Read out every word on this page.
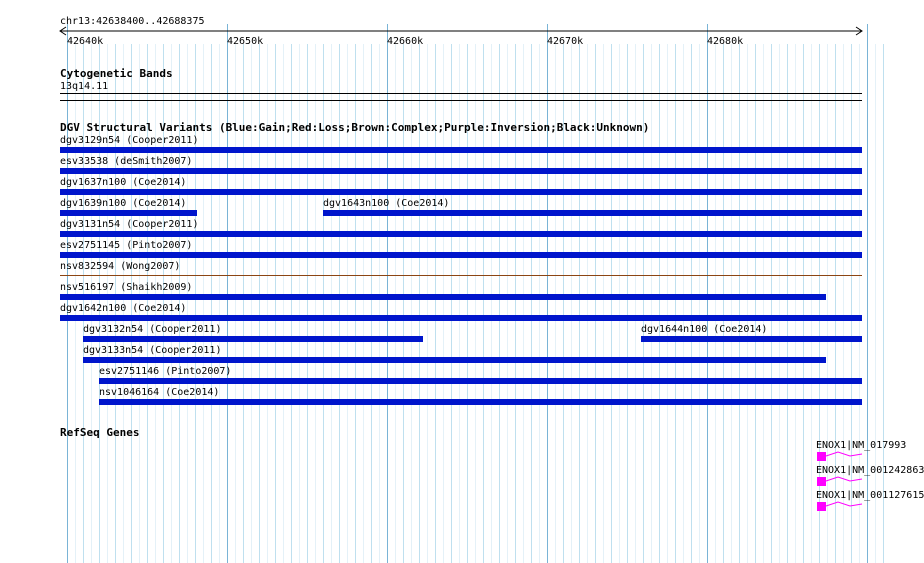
chr13:42638400..42688375
42640k	42650k	42660k	42670k	42680k
Cytogenetic Bands
13q14.11
DGV Structural Variants (Blue:Gain;Red:Loss;Brown:Complex;Purple:Inversion;Black:Unknown)
dgv3129n54 (Cooper2011)
esv33538 (deSmith2007)
dgv1637n100 (Coe2014)
dgv1639n100 (Coe2014)	dgv1643n100 (Coe2014)
dgv3131n54 (Cooper2011)
esv2751145 (Pinto2007)
nsv832594 (Wong2007)
nsv516197 (Shaikh2009)
dgv1642n100 (Coe2014)
dgv3132n54 (Cooper2011)	dgv1644n100 (Coe2014)
dgv3133n54 (Cooper2011)
esv2751146 (Pinto2007)
nsv1046164 (Coe2014)
RefSeq Genes
ENOX1|NM_017993
ENOX1|NM_001242863
ENOX1|NM_001127615
